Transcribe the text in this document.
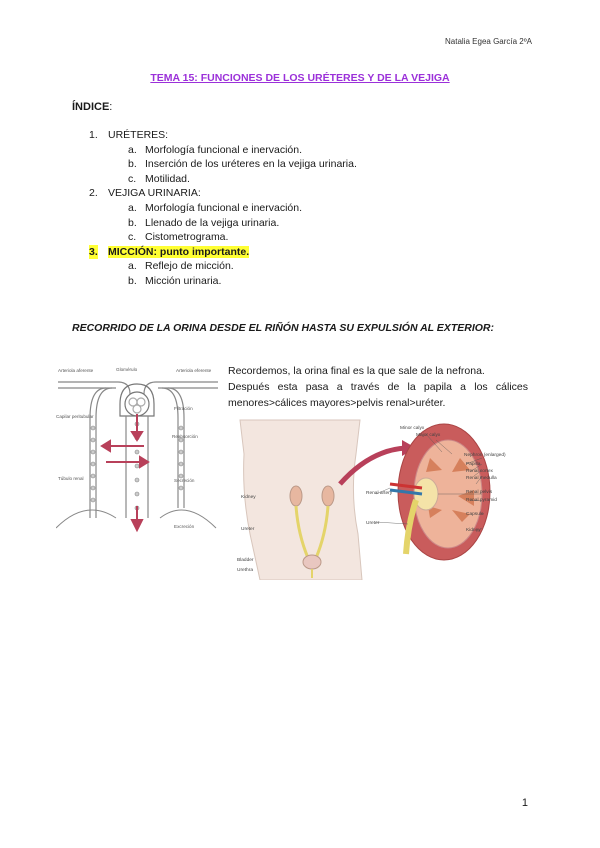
Natalia Egea García 2ºA
TEMA 15: FUNCIONES DE LOS URÉTERES Y DE LA VEJIGA
ÍNDICE:
1. URÉTERES:
a. Morfología funcional e inervación.
b. Inserción de los uréteres en la vejiga urinaria.
c. Motilidad.
2. VEJIGA URINARIA:
a. Morfología funcional e inervación.
b. Llenado de la vejiga urinaria.
c. Cistometrograma.
3. MICCIÓN: punto importante.
a. Reflejo de micción.
b. Micción urinaria.
RECORRIDO DE LA ORINA DESDE EL RIÑÓN HASTA SU EXPULSIÓN AL EXTERIOR:
Arteriola aferente	Glomérulo	Arteriola eferente
Capilar peritubular
Filtración
Reabsorción
Túbulo renal	Secreción
Excreción
Recordemos, la orina final es la que sale de la nefrona.
Después esta pasa a través de la papila a los cálices menores>cálices mayores>pelvis renal>uréter.
Kidney
Ureter
Bladder
Urethra
Minor calyx
Major calyx
Nephron (enlarged)
Papilla
Renal cortex
Renal medulla
Renal pelvis
Renal pyramid
Capsule
Kidney
Renal artery
Ureter
1
